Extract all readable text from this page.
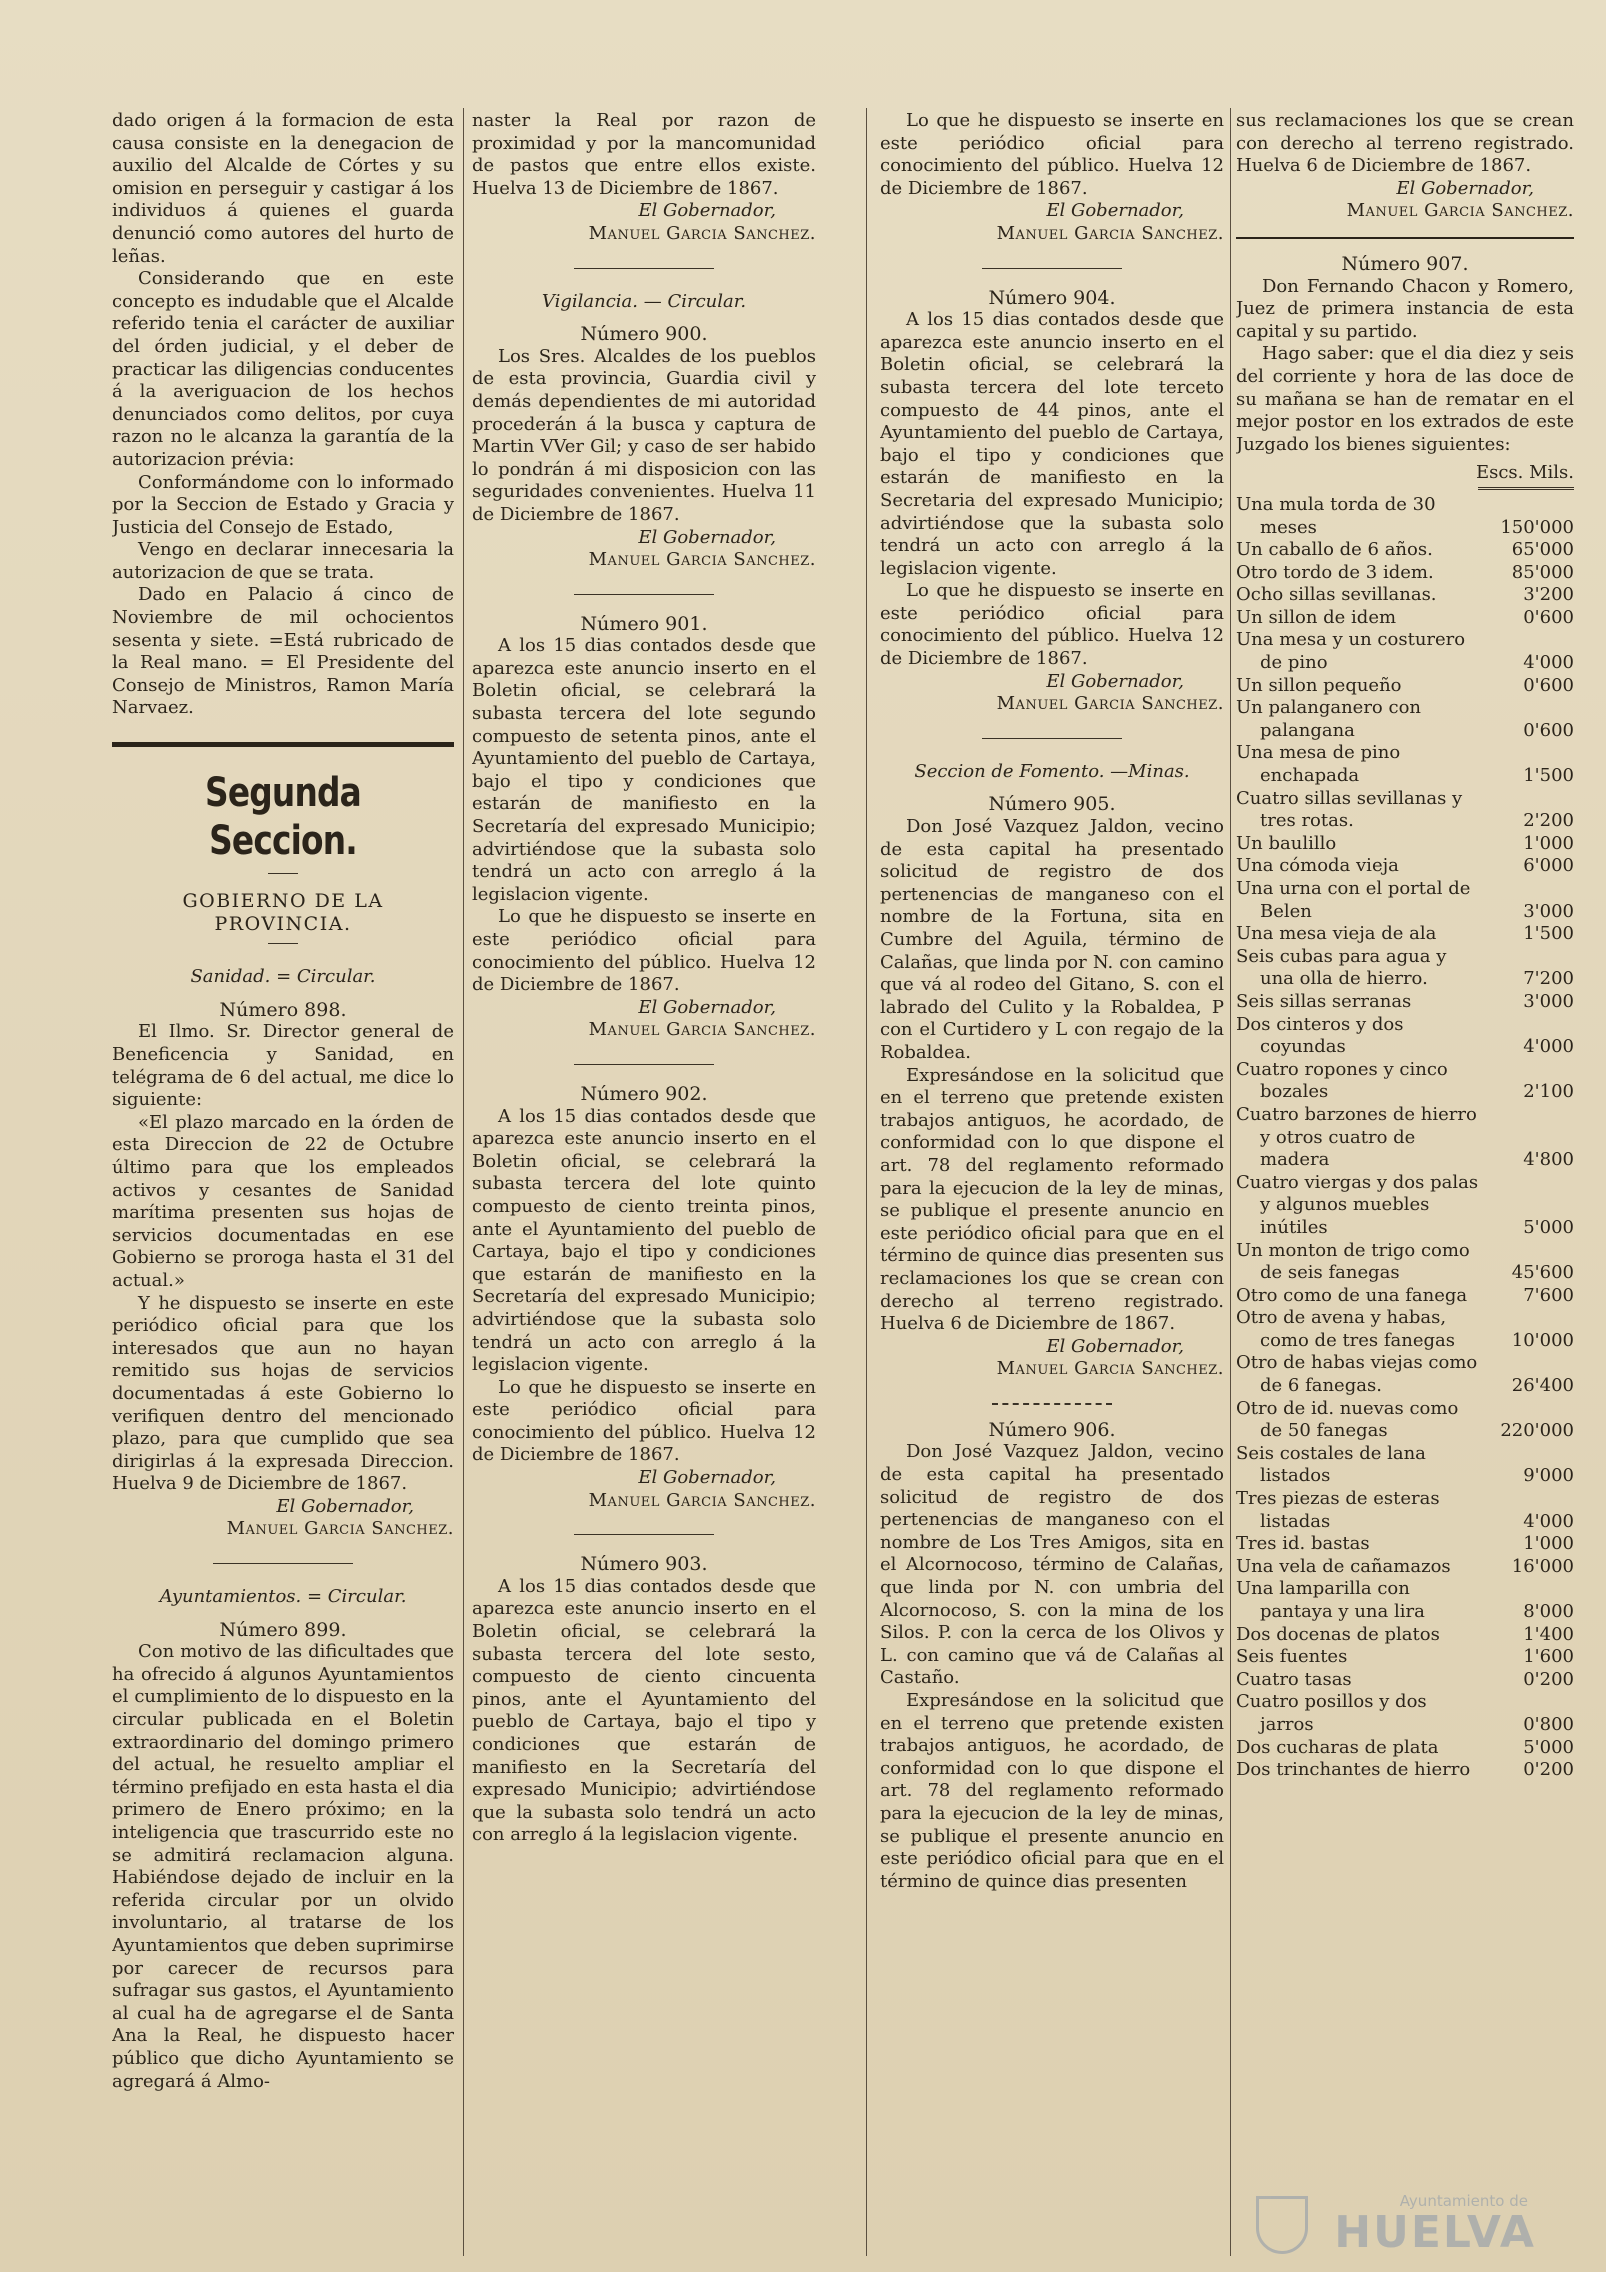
dado origen á la formacion de esta causa consiste en la denegacion de auxilio del Alcalde de Córtes y su omision en perseguir y castigar á los individuos á quienes el guarda denunció como autores del hurto de leñas.

Considerando que en este concepto es indudable que el Alcalde referido tenia el carácter de auxiliar del órden judicial, y el deber de practicar las diligencias conducentes á la averiguacion de los hechos denunciados como delitos, por cuya razon no le alcanza la garantía de la autorizacion prévia:

Conformándome con lo informado por la Seccion de Estado y Gracia y Justicia del Consejo de Estado,

Vengo en declarar innecesaria la autorizacion de que se trata.

Dado en Palacio á cinco de Noviembre de mil ochocientos sesenta y siete. =Está rubricado de la Real mano. = El Presidente del Consejo de Ministros, Ramon María Narvaez.

Segunda Seccion.
GOBIERNO DE LA PROVINCIA.
Sanidad. = Circular.
Número 898.

El Ilmo. Sr. Director general de Beneficencia y Sanidad, en telégrama de 6 del actual, me dice lo siguiente:

«El plazo marcado en la órden de esta Direccion de 22 de Octubre último para que los empleados activos y cesantes de Sanidad marítima presenten sus hojas de servicios documentadas en ese Gobierno se proroga hasta el 31 del actual.»

Y he dispuesto se inserte en este periódico oficial para que los interesados que aun no hayan remitido sus hojas de servicios documentadas á este Gobierno lo verifiquen dentro del mencionado plazo, para que cumplido que sea dirigirlas á la expresada Direccion. Huelva 9 de Diciembre de 1867.

El Gobernador,
Manuel Garcia Sanchez.
Ayuntamientos. = Circular.
Número 899.

Con motivo de las dificultades que ha ofrecido á algunos Ayuntamientos el cumplimiento de lo dispuesto en la circular publicada en el Boletin extraordinario del domingo primero del actual, he resuelto ampliar el término prefijado en esta hasta el dia primero de Enero próximo; en la inteligencia que trascurrido este no se admitirá reclamacion alguna. Habiéndose dejado de incluir en la referida circular por un olvido involuntario, al tratarse de los Ayuntamientos que deben suprimirse por carecer de recursos para sufragar sus gastos, el Ayuntamiento al cual ha de agregarse el de Santa Ana la Real, he dispuesto hacer público que dicho Ayuntamiento se agregará á Almo-

naster la Real por razon de proximidad y por la mancomunidad de pastos que entre ellos existe. Huelva 13 de Diciembre de 1867.

El Gobernador,
Manuel Garcia Sanchez.
Vigilancia. — Circular.
Número 900.

Los Sres. Alcaldes de los pueblos de esta provincia, Guardia civil y demás dependientes de mi autoridad procederán á la busca y captura de Martin VVer Gil; y caso de ser habido lo pondrán á mi disposicion con las seguridades convenientes. Huelva 11 de Diciembre de 1867.

El Gobernador,
Manuel Garcia Sanchez.
Número 901.

A los 15 dias contados desde que aparezca este anuncio inserto en el Boletin oficial, se celebrará la subasta tercera del lote segundo compuesto de setenta pinos, ante el Ayuntamiento del pueblo de Cartaya, bajo el tipo y condiciones que estarán de manifiesto en la Secretaría del expresado Municipio; advirtiéndose que la subasta solo tendrá un acto con arreglo á la legislacion vigente.

Lo que he dispuesto se inserte en este periódico oficial para conocimiento del público. Huelva 12 de Diciembre de 1867.

El Gobernador,
Manuel Garcia Sanchez.
Número 902.

A los 15 dias contados desde que aparezca este anuncio inserto en el Boletin oficial, se celebrará la subasta tercera del lote quinto compuesto de ciento treinta pinos, ante el Ayuntamiento del pueblo de Cartaya, bajo el tipo y condiciones que estarán de manifiesto en la Secretaría del expresado Municipio; advirtiéndose que la subasta solo tendrá un acto con arreglo á la legislacion vigente.

Lo que he dispuesto se inserte en este periódico oficial para conocimiento del público. Huelva 12 de Diciembre de 1867.

El Gobernador,
Manuel Garcia Sanchez.
Número 903.

A los 15 dias contados desde que aparezca este anuncio inserto en el Boletin oficial, se celebrará la subasta tercera del lote sesto, compuesto de ciento cincuenta pinos, ante el Ayuntamiento del pueblo de Cartaya, bajo el tipo y condiciones que estarán de manifiesto en la Secretaría del expresado Municipio; advirtiéndose que la subasta solo tendrá un acto con arreglo á la legislacion vigente.

Lo que he dispuesto se inserte en este periódico oficial para conocimiento del público. Huelva 12 de Diciembre de 1867.

El Gobernador,
Manuel Garcia Sanchez.
Número 904.

A los 15 dias contados desde que aparezca este anuncio inserto en el Boletin oficial, se celebrará la subasta tercera del lote terceto compuesto de 44 pinos, ante el Ayuntamiento del pueblo de Cartaya, bajo el tipo y condiciones que estarán de manifiesto en la Secretaria del expresado Municipio; advirtiéndose que la subasta solo tendrá un acto con arreglo á la legislacion vigente.

Lo que he dispuesto se inserte en este periódico oficial para conocimiento del público. Huelva 12 de Diciembre de 1867.

El Gobernador,
Manuel Garcia Sanchez.
Seccion de Fomento. —Minas.
Número 905.

Don José Vazquez Jaldon, vecino de esta capital ha presentado solicitud de registro de dos pertenencias de manganeso con el nombre de la Fortuna, sita en Cumbre del Aguila, término de Calañas, que linda por N. con camino que vá al rodeo del Gitano, S. con el labrado del Culito y la Robaldea, P con el Curtidero y L con regajo de la Robaldea.

Expresándose en la solicitud que en el terreno que pretende existen trabajos antiguos, he acordado, de conformidad con lo que dispone el art. 78 del reglamento reformado para la ejecucion de la ley de minas, se publique el presente anuncio en este periódico oficial para que en el término de quince dias presenten sus reclamaciones los que se crean con derecho al terreno registrado. Huelva 6 de Diciembre de 1867.

El Gobernador,
Manuel Garcia Sanchez.
Número 906.

Don José Vazquez Jaldon, vecino de esta capital ha presentado solicitud de registro de dos pertenencias de manganeso con el nombre de Los Tres Amigos, sita en el Alcornocoso, término de Calañas, que linda por N. con umbria del Alcornocoso, S. con la mina de los Silos. P. con la cerca de los Olivos y L. con camino que vá de Calañas al Castaño.

Expresándose en la solicitud que en el terreno que pretende existen trabajos antiguos, he acordado, de conformidad con lo que dispone el art. 78 del reglamento reformado para la ejecucion de la ley de minas, se publique el presente anuncio en este periódico oficial para que en el término de quince dias presenten

sus reclamaciones los que se crean con derecho al terreno registrado. Huelva 6 de Diciembre de 1867.

El Gobernador,
Manuel Garcia Sanchez.
Número 907.

Don Fernando Chacon y Romero, Juez de primera instancia de esta capital y su partido.

Hago saber: que el dia diez y seis del corriente y hora de las doce de su mañana se han de rematar en el mejor postor en los extrados de este Juzgado los bienes siguientes:

Escs. Mils.
Una mula torda de 30 meses	150'000
Un caballo de 6 años.	65'000
Otro tordo de 3 idem.	85'000
Ocho sillas sevillanas.	3'200
Un sillon de idem	0'600
Una mesa y un costurero de pino	4'000
Un sillon pequeño	0'600
Un palanganero con palangana	0'600
Una mesa de pino enchapada	1'500
Cuatro sillas sevillanas y tres rotas.	2'200
Un baulillo	1'000
Una cómoda vieja	6'000
Una urna con el portal de Belen	3'000
Una mesa vieja de ala	1'500
Seis cubas para agua y una olla de hierro.	7'200
Seis sillas serranas	3'000
Dos cinteros y dos coyundas	4'000
Cuatro ropones y cinco bozales	2'100
Cuatro barzones de hierro y otros cuatro de madera	4'800
Cuatro viergas y dos palas y algunos muebles inútiles	5'000
Un monton de trigo como de seis fanegas	45'600
Otro como de una fanega	7'600
Otro de avena y habas, como de tres fanegas	10'000
Otro de habas viejas como de 6 fanegas.	26'400
Otro de id. nuevas como de 50 fanegas	220'000
Seis costales de lana listados	9'000
Tres piezas de esteras listadas	4'000
Tres id. bastas	1'000
Una vela de cañamazos	16'000
Una lamparilla con pantaya y una lira	8'000
Dos docenas de platos	1'400
Seis fuentes	1'600
Cuatro tasas	0'200
Cuatro posillos y dos jarros	0'800
Dos cucharas de plata	5'000
Dos trinchantes de hierro	0'200
Ayuntamiento de
HUELVA
